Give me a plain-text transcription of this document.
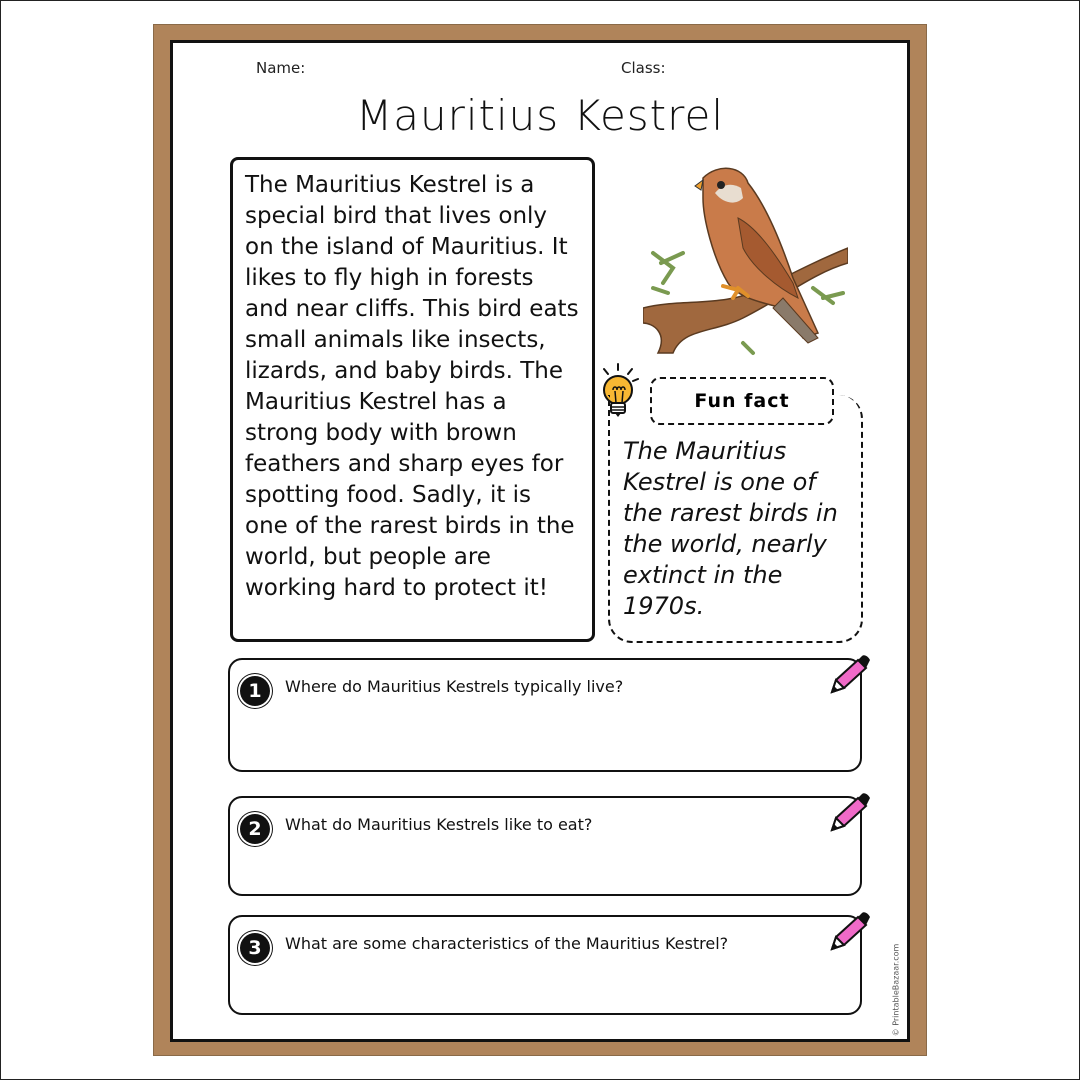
Name:	Class:
Mauritius Kestrel
The Mauritius Kestrel is a special bird that lives only on the island of Mauritius. It likes to fly high in forests and near cliffs. This bird eats small animals like insects, lizards, and baby birds. The Mauritius Kestrel has a strong body with brown feathers and sharp eyes for spotting food. Sadly, it is one of the rarest birds in the world, but people are working hard to protect it!
Fun fact
The Mauritius Kestrel is one of the rarest birds in the world, nearly extinct in the 1970s.
1	Where do Mauritius Kestrels typically live?
2	What do Mauritius Kestrels like to eat?
3	What are some characteristics of the Mauritius Kestrel?
© PrintableBazaar.com
